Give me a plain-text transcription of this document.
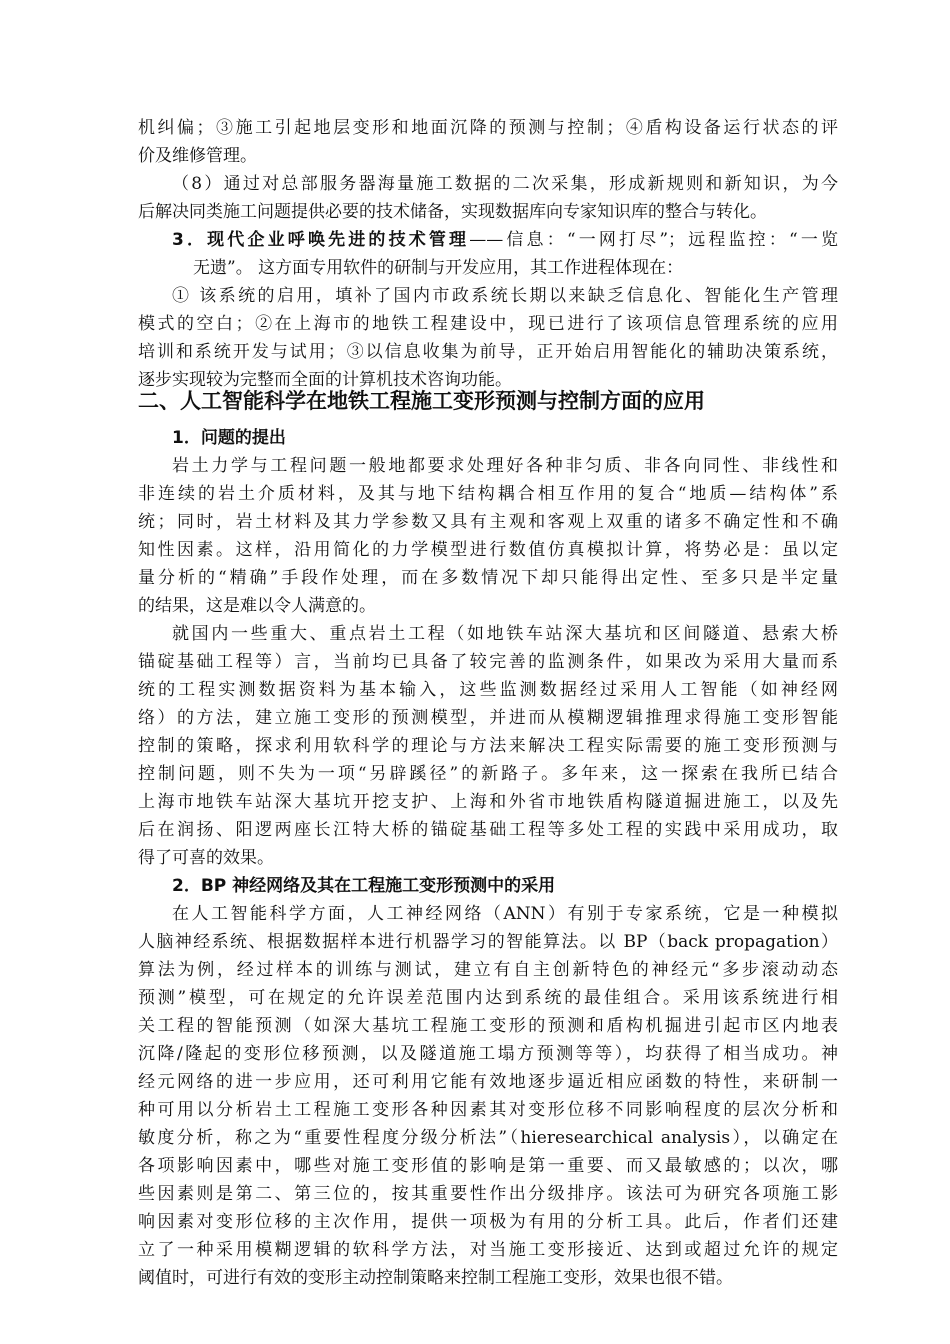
机纠偏；③施工引起地层变形和地面沉降的预测与控制；④盾构设备运行状态的评
价及维修管理。
（8）通过对总部服务器海量施工数据的二次采集，形成新规则和新知识，为今
后解决同类施工问题提供必要的技术储备，实现数据库向专家知识库的整合与转化。
3．现代企业呼唤先进的技术管理——信息：“一网打尽”；远程监控：“一览
无遗”。 这方面专用软件的研制与开发应用，其工作进程体现在：
① 该系统的启用，填补了国内市政系统长期以来缺乏信息化、智能化生产管理
模式的空白；②在上海市的地铁工程建设中，现已进行了该项信息管理系统的应用
培训和系统开发与试用；③以信息收集为前导，正开始启用智能化的辅助决策系统，
逐步实现较为完整而全面的计算机技术咨询功能。
二、人工智能科学在地铁工程施工变形预测与控制方面的应用
1．问题的提出
岩土力学与工程问题一般地都要求处理好各种非匀质、非各向同性、非线性和
非连续的岩土介质材料，及其与地下结构耦合相互作用的复合“地质—结构体”系
统；同时，岩土材料及其力学参数又具有主观和客观上双重的诸多不确定性和不确
知性因素。这样，沿用简化的力学模型进行数值仿真模拟计算，将势必是：虽以定
量分析的“精确”手段作处理，而在多数情况下却只能得出定性、至多只是半定量
的结果，这是难以令人满意的。
就国内一些重大、重点岩土工程（如地铁车站深大基坑和区间隧道、悬索大桥
锚碇基础工程等）言，当前均已具备了较完善的监测条件，如果改为采用大量而系
统的工程实测数据资料为基本输入，这些监测数据经过采用人工智能（如神经网
络）的方法，建立施工变形的预测模型，并进而从模糊逻辑推理求得施工变形智能
控制的策略，探求利用软科学的理论与方法来解决工程实际需要的施工变形预测与
控制问题，则不失为一项“另辟蹊径”的新路子。多年来，这一探索在我所已结合
上海市地铁车站深大基坑开挖支护、上海和外省市地铁盾构隧道掘进施工，以及先
后在润扬、阳逻两座长江特大桥的锚碇基础工程等多处工程的实践中采用成功，取
得了可喜的效果。
2．BP 神经网络及其在工程施工变形预测中的采用
在人工智能科学方面，人工神经网络（ANN）有别于专家系统，它是一种模拟
人脑神经系统、根据数据样本进行机器学习的智能算法。以 BP（back propagation）
算法为例，经过样本的训练与测试，建立有自主创新特色的神经元“多步滚动动态
预测”模型，可在规定的允许误差范围内达到系统的最佳组合。采用该系统进行相
关工程的智能预测（如深大基坑工程施工变形的预测和盾构机掘进引起市区内地表
沉降/隆起的变形位移预测，以及隧道施工塌方预测等等），均获得了相当成功。神
经元网络的进一步应用，还可利用它能有效地逐步逼近相应函数的特性，来研制一
种可用以分析岩土工程施工变形各种因素其对变形位移不同影响程度的层次分析和
敏度分析，称之为“重要性程度分级分析法”（hieresearchical analysis），以确定在
各项影响因素中，哪些对施工变形值的影响是第一重要、而又最敏感的；以次，哪
些因素则是第二、第三位的，按其重要性作出分级排序。该法可为研究各项施工影
响因素对变形位移的主次作用，提供一项极为有用的分析工具。此后，作者们还建
立了一种采用模糊逻辑的软科学方法，对当施工变形接近、达到或超过允许的规定
阈值时，可进行有效的变形主动控制策略来控制工程施工变形，效果也很不错。
